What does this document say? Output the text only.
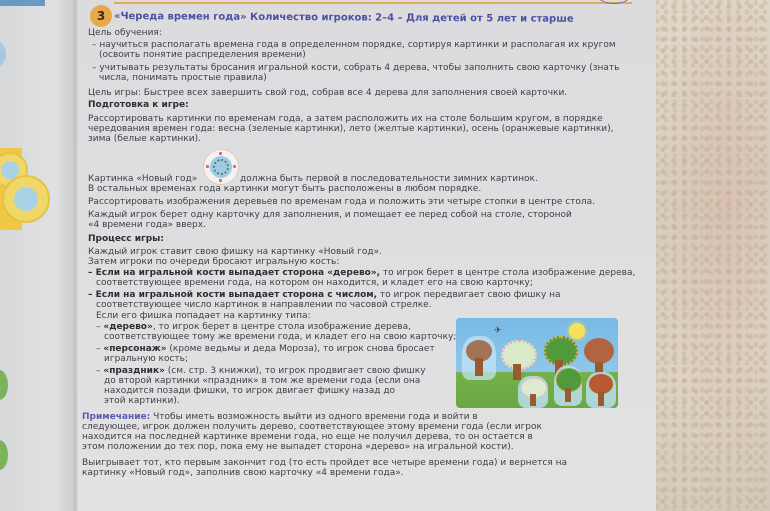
3 «Череда времен года» Количество игроков: 2–4 – Для детей от 5 лет и старше
Цель обучения:
– научиться располагать времена года в определенном порядке, сортируя картинки и располагая их кругом
(освоить понятие распределения времени)
– учитывать результаты бросания игральной кости, собрать 4 дерева, чтобы заполнить свою карточку (знать
числа, понимать простые правила)
Цель игры: Быстрее всех завершить свой год, собрав все 4 дерева для заполнения своей карточки.
Подготовка к игре:
Рассортировать картинки по временам года, а затем расположить их на столе большим кругом, в порядке
чередования времен года: весна (зеленые картинки), лето (желтые картинки), осень (оранжевые картинки),
зима (белые картинки).
Картинка «Новый год»	должна быть первой в последовательности зимних картинок.
В остальных временах года картинки могут быть расположены в любом порядке.
Рассортировать изображения деревьев по временам года и положить эти четыре стопки в центре стола.
Каждый игрок берет одну карточку для заполнения, и помещает ее перед собой на столе, стороной
«4 времени года» вверх.
Процесс игры:
Каждый игрок ставит свою фишку на картинку «Новый год».
Затем игроки по очереди бросают игральную кость:
– Если на игральной кости выпадает сторона «дерево», то игрок берет в центре стола изображение дерева,
соответствующее времени года, на котором он находится, и кладет его на свою карточку;
– Если на игральной кости выпадает сторона с числом, то игрок передвигает свою фишку на
соответствующее число картинок в направлении по часовой стрелке.
Если его фишка попадает на картинку типа:
– «дерево», то игрок берет в центре стола изображение дерева,
соответствующее тому же времени года, и кладет его на свою карточку;
– «персонаж» (кроме ведьмы и деда Мороза), то игрок снова бросает
игральную кость;
– «праздник» (см. стр. 3 книжки), то игрок продвигает свою фишку
до второй картинки «праздник» в том же времени года (если она
находится позади фишки, то игрок двигает фишку назад до
этой картинки).
Примечание: Чтобы иметь возможность выйти из одного времени года и войти в
следующее, игрок должен получить дерево, соответствующее этому времени года (если игрок
находится на последней картинке времени года, но еще не получил дерева, то он остается в
этом положении до тех пор, пока ему не выпадет сторона «дерево» на игральной кости).
Выигрывает тот, кто первым закончит год (то есть пройдет все четыре времени года) и вернется на
картинку «Новый год», заполнив свою карточку «4 времени года».
✈
